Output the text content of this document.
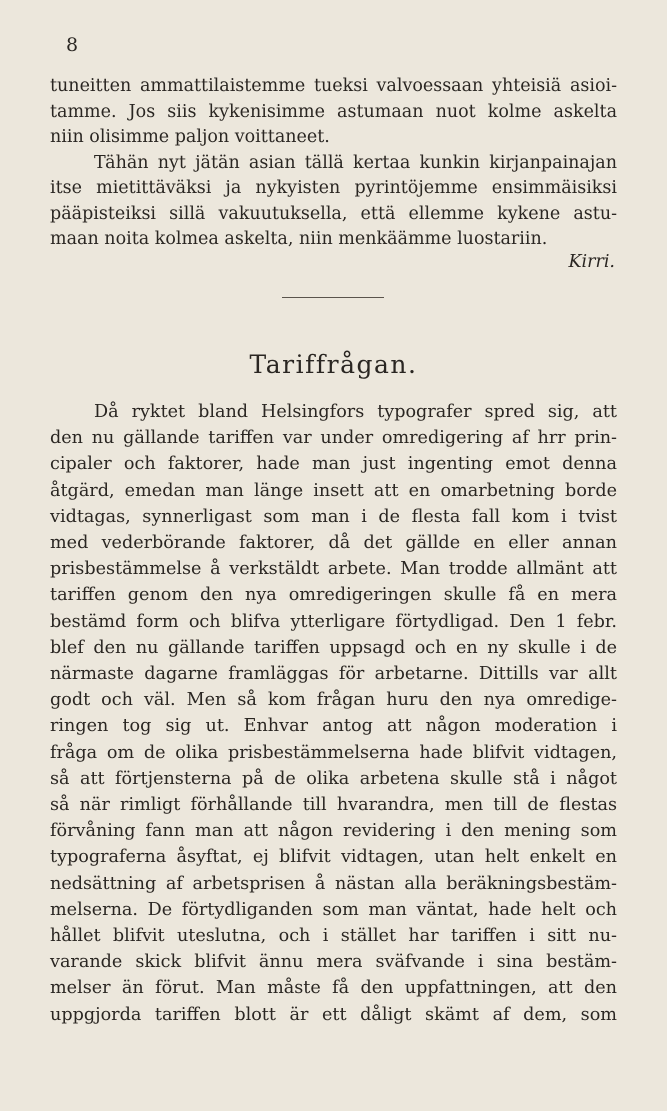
8

tuneitten ammattilaistemme tueksi valvoessaan yhteisiä asioi-
tamme. Jos siis kykenisimme astumaan nuot kolme askelta
niin olisimme paljon voittaneet.

Tähän nyt jätän asian tällä kertaa kunkin kirjanpainajan
itse mietittäväksi ja nykyisten pyrintöjemme ensimmäisiksi
pääpisteiksi sillä vakuutuksella, että ellemme kykene astu-
maan noita kolmea askelta, niin menkäämme luostariin.

Kirri.
Tariffrågan.

Då ryktet bland Helsingfors typografer spred sig, att
den nu gällande tariffen var under omredigering af hrr prin-
cipaler och faktorer, hade man just ingenting emot denna
åtgärd, emedan man länge insett att en omarbetning borde
vidtagas, synnerligast som man i de flesta fall kom i tvist
med vederbörande faktorer, då det gällde en eller annan
prisbestämmelse å verkstäldt arbete. Man trodde allmänt att
tariffen genom den nya omredigeringen skulle få en mera
bestämd form och blifva ytterligare förtydligad. Den 1 febr.
blef den nu gällande tariffen uppsagd och en ny skulle i de
närmaste dagarne framläggas för arbetarne. Dittills var allt
godt och väl. Men så kom frågan huru den nya omredige-
ringen tog sig ut. Enhvar antog att någon moderation i
fråga om de olika prisbestämmelserna hade blifvit vidtagen,
så att förtjensterna på de olika arbetena skulle stå i något
så när rimligt förhållande till hvarandra, men till de flestas
förvåning fann man att någon revidering i den mening som
typograferna åsyftat, ej blifvit vidtagen, utan helt enkelt en
nedsättning af arbetsprisen å nästan alla beräkningsbestäm-
melserna. De förtydliganden som man väntat, hade helt och
hållet blifvit uteslutna, och i stället har tariffen i sitt nu-
varande skick blifvit ännu mera sväfvande i sina bestäm-
melser än förut. Man måste få den uppfattningen, att den
uppgjorda tariffen blott är ett dåligt skämt af dem, som
